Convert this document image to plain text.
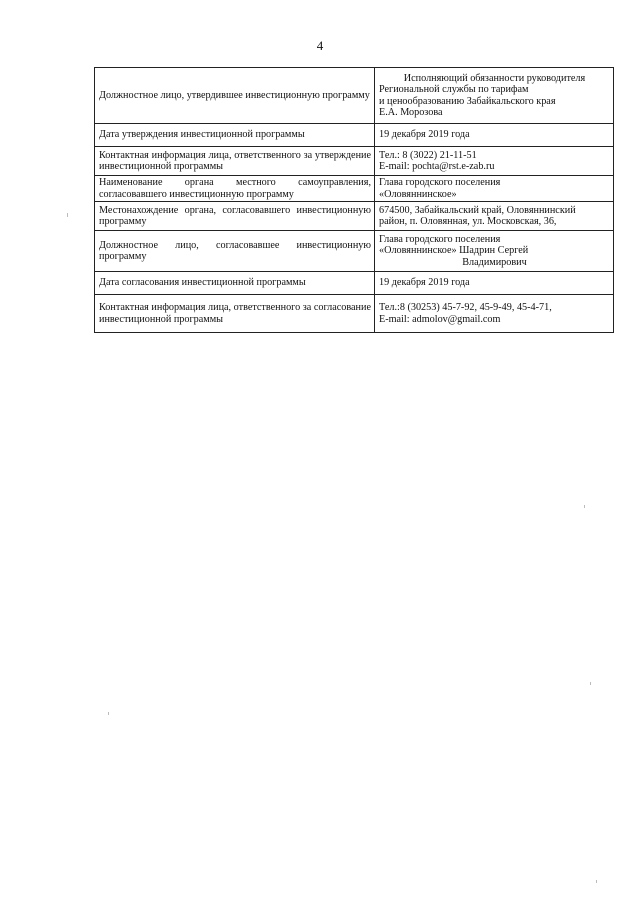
4
Должностное лицо, утвердившее инвестиционную программу	Исполняющий обязанности руководителя
Региональной службы по тарифам
и ценообразованию Забайкальского края
Е.А. Морозова

Дата утверждения инвестиционной программы	19 декабря 2019 года

Контактная информация лица, ответственного за утверждение инвестиционной программы	Тел.: 8 (3022) 21-11-51
E-mail: pochta@rst.e-zab.ru

Наименование органа местного самоуправления, согласовавшего инвестиционную программу	Глава городского поселения
«Оловяннинское»

Местонахождение органа, согласовавшего инвестиционную программу	674500, Забайкальский край, Оловяннинский
район, п. Оловянная, ул. Московская, 36,

Должностное лицо, согласовавшее инвестиционную программу	Глава городского поселения
«Оловяннинское» Шадрин Сергей
Владимирович

Дата согласования инвестиционной программы	19 декабря 2019 года

Контактная информация лица, ответственного за согласование инвестиционной программы	Тел.:8 (30253) 45-7-92, 45-9-49, 45-4-71,
E-mail: admolov@gmail.com
